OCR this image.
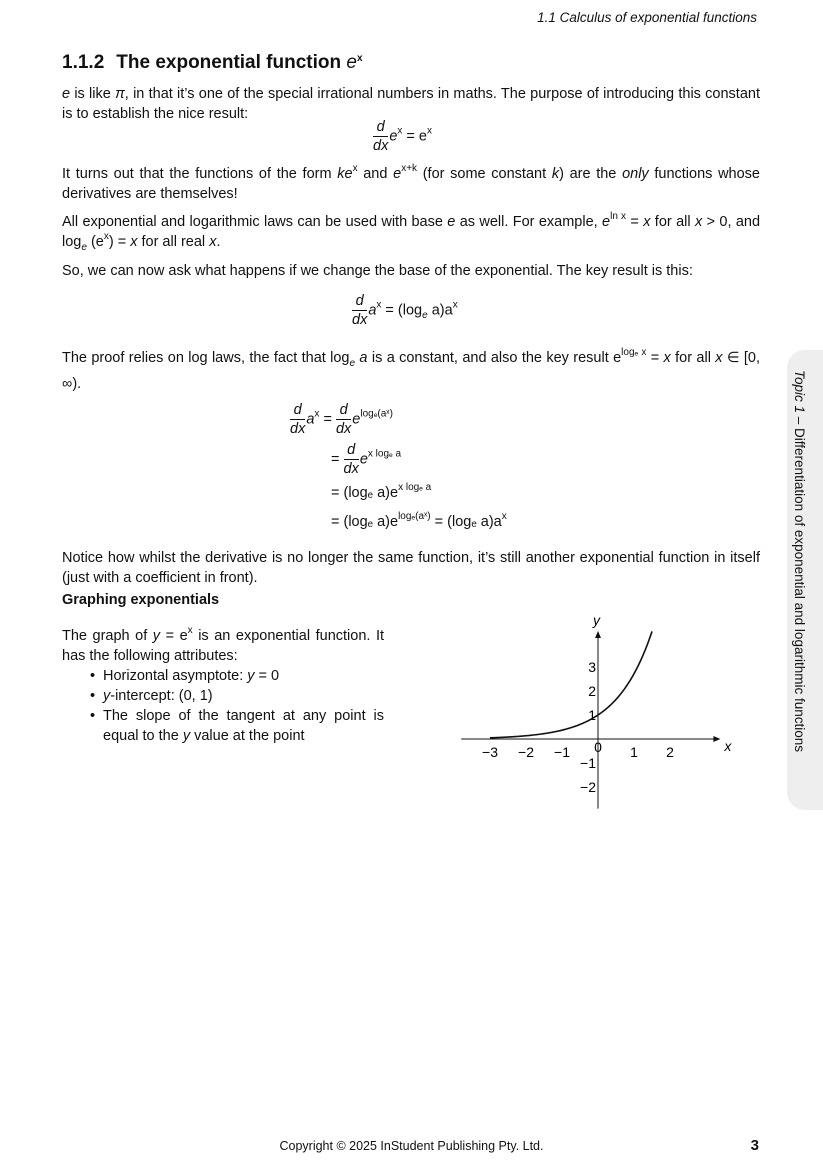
1.1 Calculus of exponential functions
1.1.2 The exponential function $e^x$

e is like π, in that it’s one of the special irrational numbers in maths. The purpose of introducing this constant is to establish the nice result:

$\frac{d}{dx} e^x = e^x$

It turns out that the functions of the form $ke^x$ and $e^{x+k}$ (for some constant k) are the only functions whose derivatives are themselves!

All exponential and logarithmic laws can be used with base e as well. For example, $e^{ln x} = x$ for all x > 0, and $\log_e (e^x) = x$ for all real x.

So, we can now ask what happens if we change the base of the exponential. The key result is this:

$\frac{d}{dx} a^x = (\log_e$ $a)a^x$

The proof relies on log laws, the fact that $\log_e a$ is a constant, and also the key result $e^{log_e x} = x$ for all x ∈ [0, ∞).

$\frac{d}{dx} a^x = \frac{d}{dx} e^{log_e(aˣ)}$
= $\frac{d}{dx} e^{x log_e a}$
= (logₑ $a)e^{x log_e a}$
= (logₑ $a)e^{log_e(aˣ)} = (\log_e$ $a)a^x$

Notice how whilst the derivative is no longer the same function, it’s still another exponential function in itself (just with a coefficient in front).

Graphing exponentials

The graph of $y = e^x$ is an exponential function. It has the following attributes:

• Horizontal asymptote: y = 0
• y-intercept: (0, 1)
• The slope of the tangent at any point is equal to the y value at the point
−3 −2 −1 0 1 2
3
2
1
−1
−2
x
y
Topic 1 – Differentiation of exponential and logarithmic functions
Copyright © 2025 InStudent Publishing Pty. Ltd.	3
